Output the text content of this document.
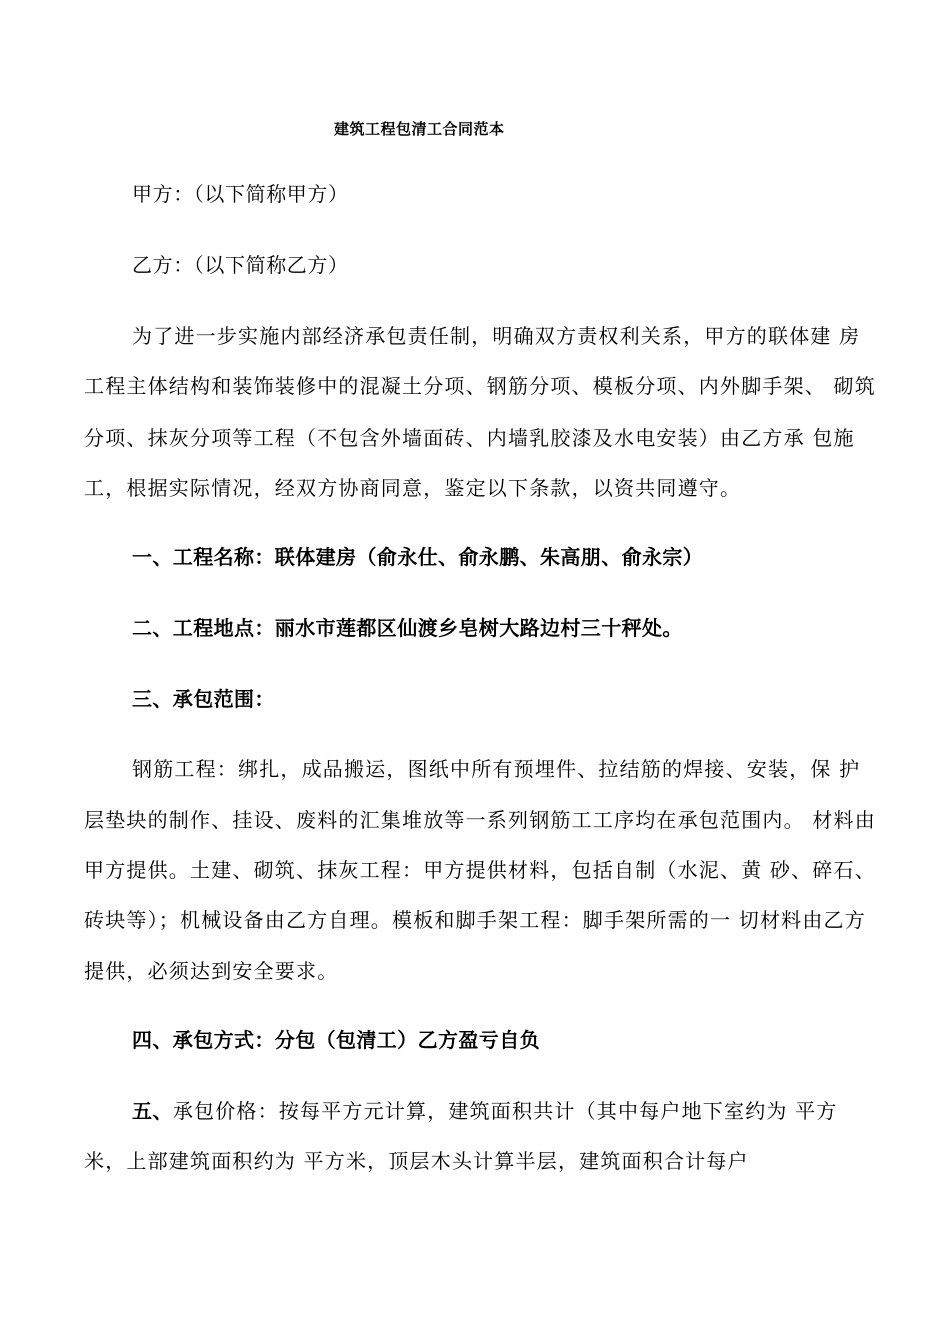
建筑工程包清工合同范本
甲方：（以下简称甲方）
乙方：（以下简称乙方）
为了进一步实施内部经济承包责任制，明确双方责权利关系，甲方的联体建 房
工程主体结构和装饰装修中的混凝土分项、钢筋分项、模板分项、内外脚手架、 砌筑
分项、抹灰分项等工程（不包含外墙面砖、内墙乳胶漆及水电安装）由乙方承 包施
工，根据实际情况，经双方协商同意，鉴定以下条款，以资共同遵守。
一、工程名称：联体建房（俞永仕、俞永鹏、朱高朋、俞永宗）
二、工程地点：丽水市莲都区仙渡乡皂树大路边村三十秤处。
三、承包范围：
钢筋工程：绑扎，成品搬运，图纸中所有预埋件、拉结筋的焊接、安装，保 护
层垫块的制作、挂设、废料的汇集堆放等一系列钢筋工工序均在承包范围内。 材料由
甲方提供。土建、砌筑、抹灰工程：甲方提供材料，包括自制（水泥、黄 砂、碎石、
砖块等）；机械设备由乙方自理。模板和脚手架工程：脚手架所需的一 切材料由乙方
提供，必须达到安全要求。
四、承包方式：分包（包清工）乙方盈亏自负
五、承包价格：按每平方元计算，建筑面积共计（其中每户地下室约为 平方
米，上部建筑面积约为 平方米，顶层木头计算半层，建筑面积合计每户
